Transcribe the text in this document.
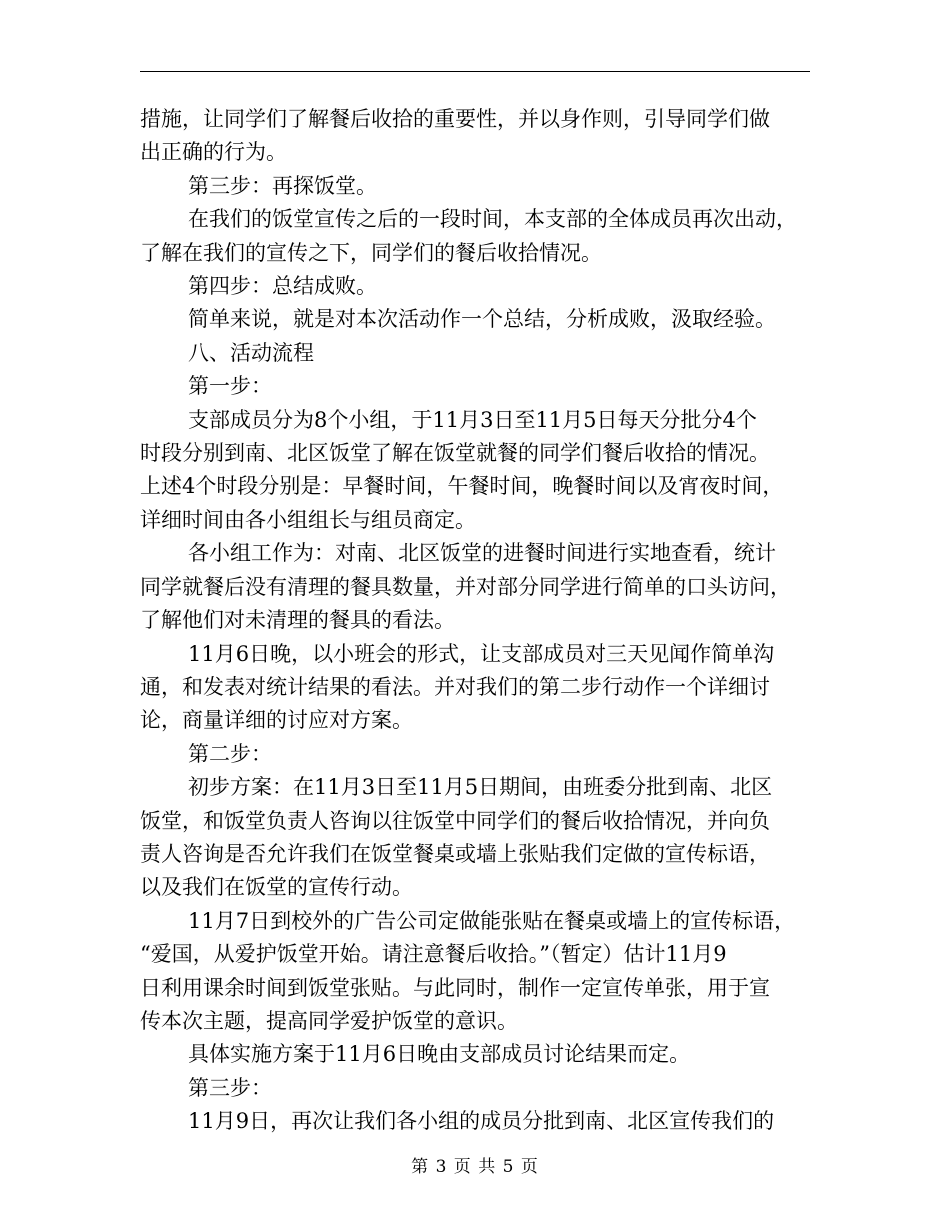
措施，让同学们了解餐后收拾的重要性，并以身作则，引导同学们做
出正确的行为。
第三步：再探饭堂。
在我们的饭堂宣传之后的一段时间，本支部的全体成员再次出动，
了解在我们的宣传之下，同学们的餐后收拾情况。
第四步：总结成败。
简单来说，就是对本次活动作一个总结，分析成败，汲取经验。
八、活动流程
第一步：
支部成员分为8个小组，于11月3日至11月5日每天分批分4个
时段分别到南、北区饭堂了解在饭堂就餐的同学们餐后收拾的情况。
上述4个时段分别是：早餐时间，午餐时间，晚餐时间以及宵夜时间，
详细时间由各小组组长与组员商定。
各小组工作为：对南、北区饭堂的进餐时间进行实地查看，统计
同学就餐后没有清理的餐具数量，并对部分同学进行简单的口头访问，
了解他们对未清理的餐具的看法。
11月6日晚，以小班会的形式，让支部成员对三天见闻作简单沟
通，和发表对统计结果的看法。并对我们的第二步行动作一个详细讨
论，商量详细的讨应对方案。
第二步：
初步方案：在11月3日至11月5日期间，由班委分批到南、北区
饭堂，和饭堂负责人咨询以往饭堂中同学们的餐后收拾情况，并向负
责人咨询是否允许我们在饭堂餐桌或墙上张贴我们定做的宣传标语，
以及我们在饭堂的宣传行动。
11月7日到校外的广告公司定做能张贴在餐桌或墙上的宣传标语，
“爱国，从爱护饭堂开始。请注意餐后收拾。”（暂定）估计11月9
日利用课余时间到饭堂张贴。与此同时，制作一定宣传单张，用于宣
传本次主题，提高同学爱护饭堂的意识。
具体实施方案于11月6日晚由支部成员讨论结果而定。
第三步：
11月9日，再次让我们各小组的成员分批到南、北区宣传我们的
第 3 页 共 5 页
